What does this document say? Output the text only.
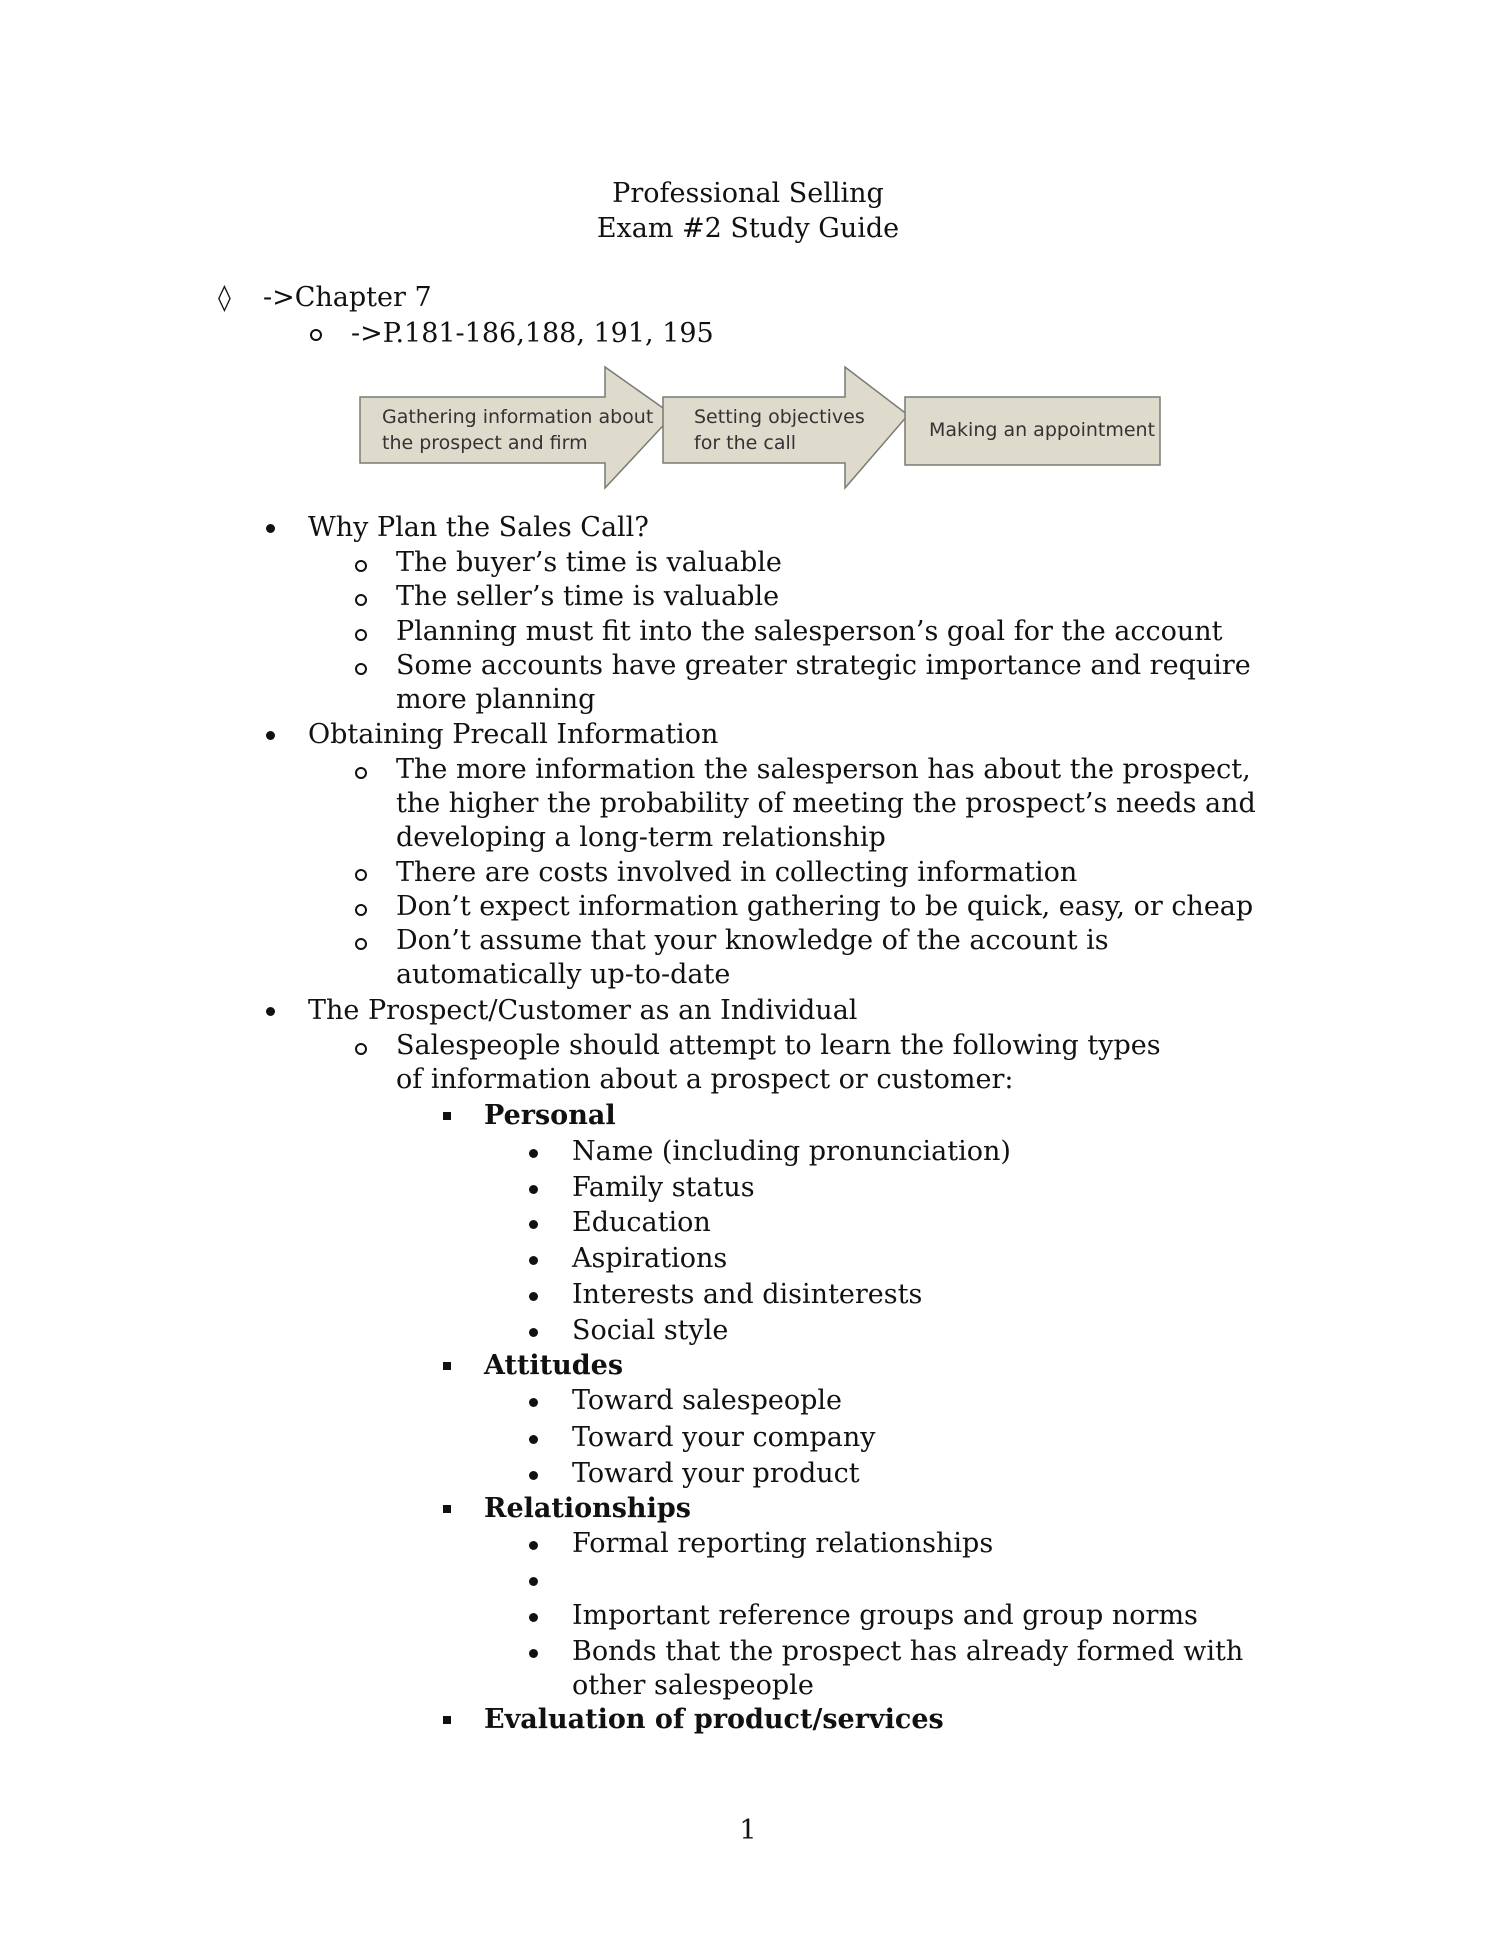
Professional Selling
Exam #2 Study Guide
◊ ->Chapter 7
->P.181-186,188, 191, 195
Gathering information about
the prospect and firm
Setting objectives
for the call
Making an appointment
Why Plan the Sales Call?
The buyer’s time is valuable
The seller’s time is valuable
Planning must fit into the salesperson’s goal for the account
Some accounts have greater strategic importance and require more planning
Obtaining Precall Information
The more information the salesperson has about the prospect, the higher the probability of meeting the prospect’s needs and developing a long-term relationship
There are costs involved in collecting information
Don’t expect information gathering to be quick, easy, or cheap
Don’t assume that your knowledge of the account is automatically up-to-date
The Prospect/Customer as an Individual
Salespeople should attempt to learn the following types of information about a prospect or customer:
Personal
Name (including pronunciation)
Family status
Education
Aspirations
Interests and disinterests
Social style
Attitudes
Toward salespeople
Toward your company
Toward your product
Relationships
Formal reporting relationships
Important reference groups and group norms
Bonds that the prospect has already formed with other salespeople
Evaluation of product/services
1
